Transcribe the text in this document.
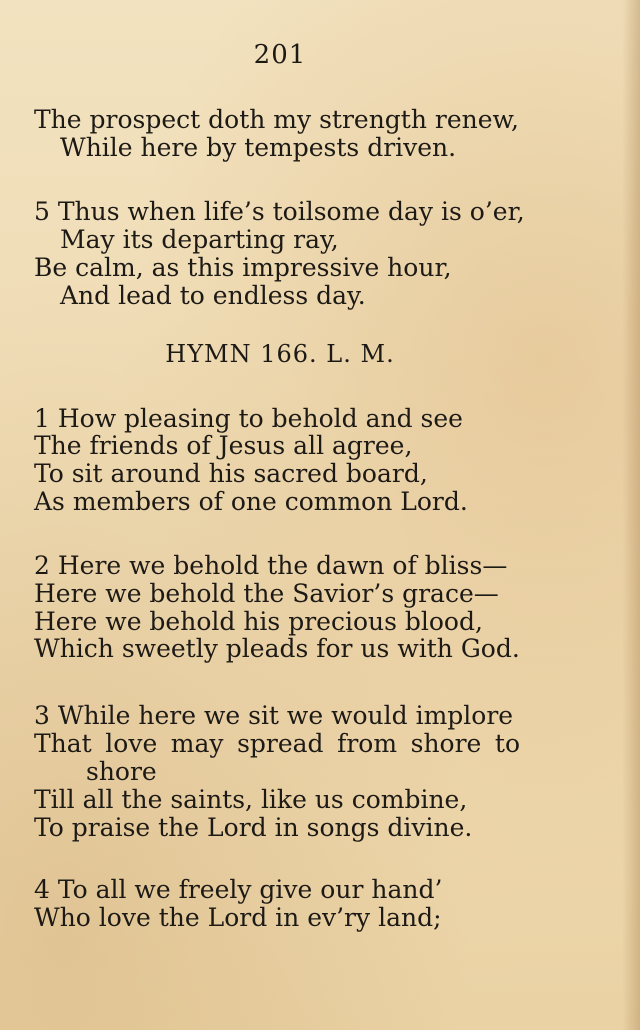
201
The prospect doth my strength renew,
While here by tempests driven.
5 Thus when life’s toilsome day is o’er,
May its departing ray,
Be calm, as this impressive hour,
And lead to endless day.
HYMN 166. L. M.
1 How pleasing to behold and see
The friends of Jesus all agree,
To sit around his sacred board,
As members of one common Lord.
2 Here we behold the dawn of bliss—
Here we behold the Savior’s grace—
Here we behold his precious blood,
Which sweetly pleads for us with God.
3 While here we sit we would implore
That love may spread from shore to
shore
Till all the saints, like us combine,
To praise the Lord in songs divine.
4 To all we freely give our hand’
Who love the Lord in ev’ry land;
